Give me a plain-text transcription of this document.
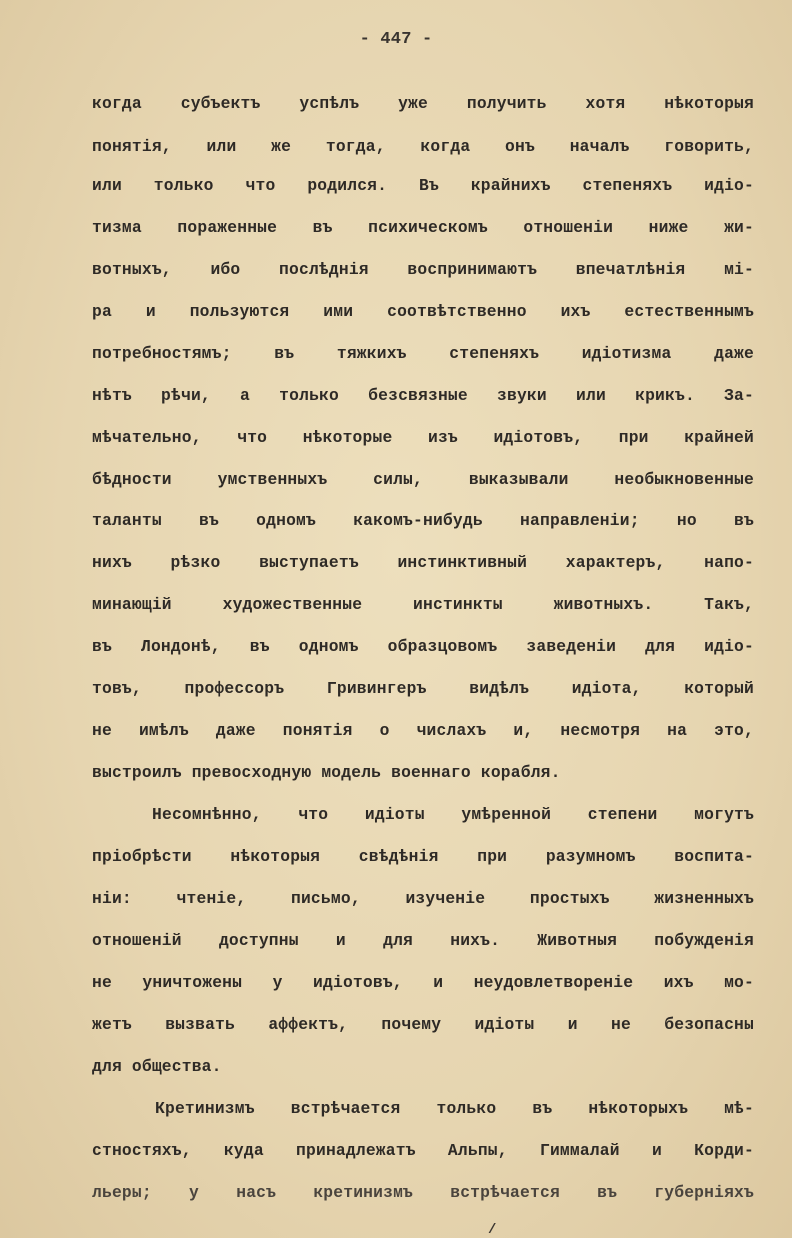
- 447 -
когда субъектъ успѣлъ уже получить хотя нѣкоторыя
понятія, или же тогда, когда онъ началъ говорить,
или только что родился. Въ крайнихъ степеняхъ идіо-
тизма пораженные въ психическомъ отношеніи ниже жи-
вотныхъ, ибо послѣднія воспринимаютъ впечатлѣнія мі-
ра и пользуются ими соотвѣтственно ихъ естественнымъ
потребностямъ; въ тяжкихъ степеняхъ идіотизма даже
нѣтъ рѣчи, а только безсвязные звуки или крикъ. За-
мѣчательно, что нѣкоторые изъ идіотовъ, при крайней
бѣдности умственныхъ силы, выказывали необыкновенные
таланты въ одномъ какомъ-нибудь направленіи; но въ
нихъ рѣзко выступаетъ инстинктивный характеръ, напо-
минающій художественные инстинкты животныхъ. Такъ,
въ Лондонѣ, въ одномъ образцовомъ заведеніи для идіо-
товъ, профессоръ Гривингеръ видѣлъ идіота, который
не имѣлъ даже понятія о числахъ и, несмотря на это,
выстроилъ превосходную модель военнаго корабля.
Несомнѣнно, что идіоты умѣренной степени могутъ
пріобрѣсти нѣкоторыя свѣдѣнія при разумномъ воспита-
ніи: чтеніе, письмо, изученіе простыхъ жизненныхъ
отношеній доступны и для нихъ. Животныя побужденія
не уничтожены у идіотовъ, и неудовлетвореніе ихъ мо-
жетъ вызвать аффектъ, почему идіоты и не безопасны
для общества.
Кретинизмъ встрѣчается только въ нѣкоторыхъ мѣ-
стностяхъ, куда принадлежатъ Альпы, Гиммалай и Корди-
льеры; у насъ кретинизмъ встрѣчается въ губерніяхъ
/
